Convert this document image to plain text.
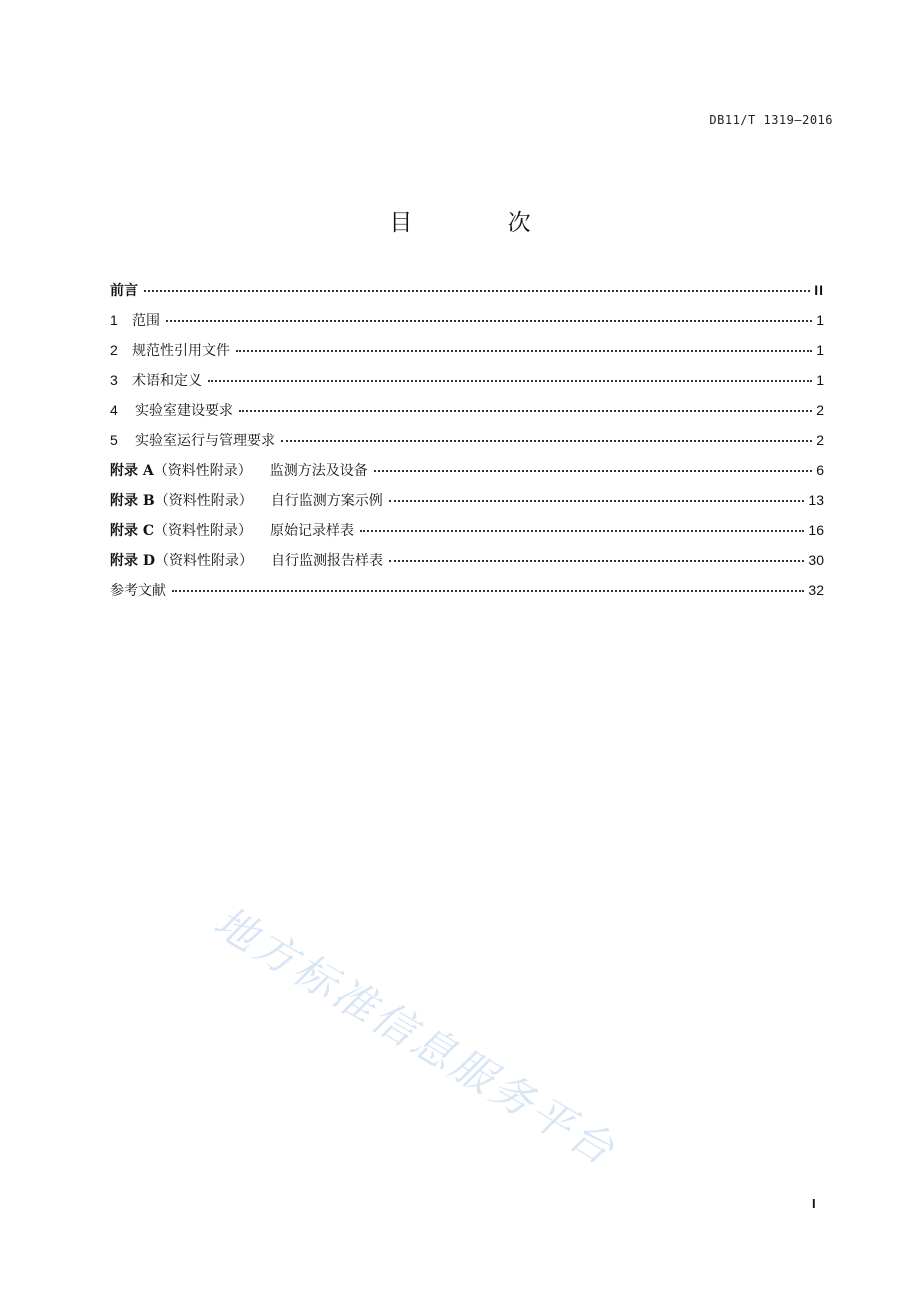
DB11/T 1319—2016
目 次
前言	II
1 范围	1
2 规范性引用文件	1
3 术语和定义	1
4 实验室建设要求	2
5 实验室运行与管理要求	2
附录 A（资料性附录） 监测方法及设备	6
附录 B（资料性附录） 自行监测方案示例	13
附录 C（资料性附录） 原始记录样表	16
附录 D（资料性附录） 自行监测报告样表	30
参考文献	32
地方标准信息服务平台
I
